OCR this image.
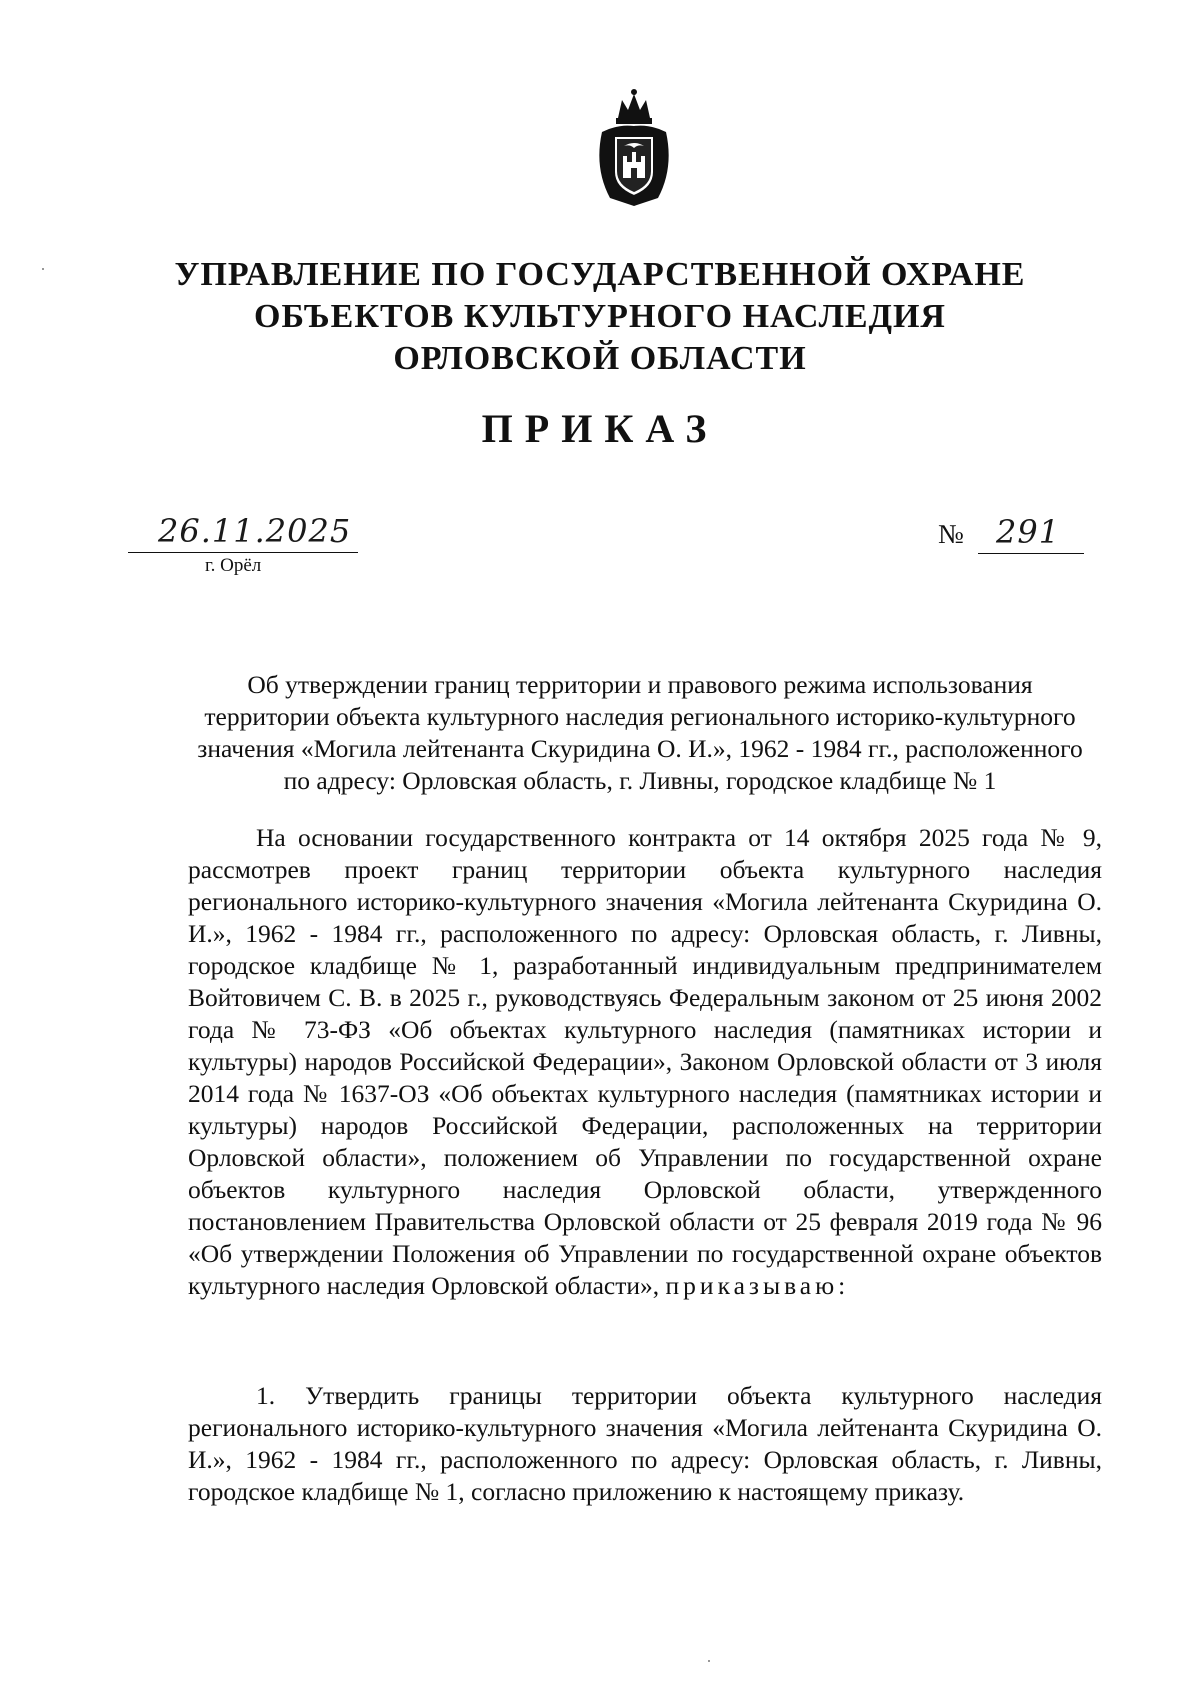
УПРАВЛЕНИЕ ПО ГОСУДАРСТВЕННОЙ ОХРАНЕ
ОБЪЕКТОВ КУЛЬТУРНОГО НАСЛЕДИЯ
ОРЛОВСКОЙ ОБЛАСТИ
ПРИКАЗ
26.11.2025
г. Орёл
№ 291
Об утверждении границ территории и правового режима использования
территории объекта культурного наследия регионального историко-культурного
значения «Могила лейтенанта Скуридина О. И.», 1962 - 1984 гг., расположенного
по адресу: Орловская область, г. Ливны, городское кладбище № 1

На основании государственного контракта от 14 октября 2025 года № 9, рассмотрев проект границ территории объекта культурного наследия регионального историко-культурного значения «Могила лейтенанта Скуридина О. И.», 1962 - 1984 гг., расположенного по адресу: Орловская область, г. Ливны, городское кладбище № 1, разработанный индивидуальным предпринимателем Войтовичем С. В. в 2025 г., руководствуясь Федеральным законом от 25 июня 2002 года № 73-ФЗ «Об объектах культурного наследия (памятниках истории и культуры) народов Российской Федерации», Законом Орловской области от 3 июля 2014 года № 1637-ОЗ «Об объектах культурного наследия (памятниках истории и культуры) народов Российской Федерации, расположенных на территории Орловской области», положением об Управлении по государственной охране объектов культурного наследия Орловской области, утвержденного постановлением Правительства Орловской области от 25 февраля 2019 года № 96 «Об утверждении Положения об Управлении по государственной охране объектов культурного наследия Орловской области», приказываю:

1. Утвердить границы территории объекта культурного наследия регионального историко-культурного значения «Могила лейтенанта Скуридина О. И.», 1962 - 1984 гг., расположенного по адресу: Орловская область, г. Ливны, городское кладбище № 1, согласно приложению к настоящему приказу.
